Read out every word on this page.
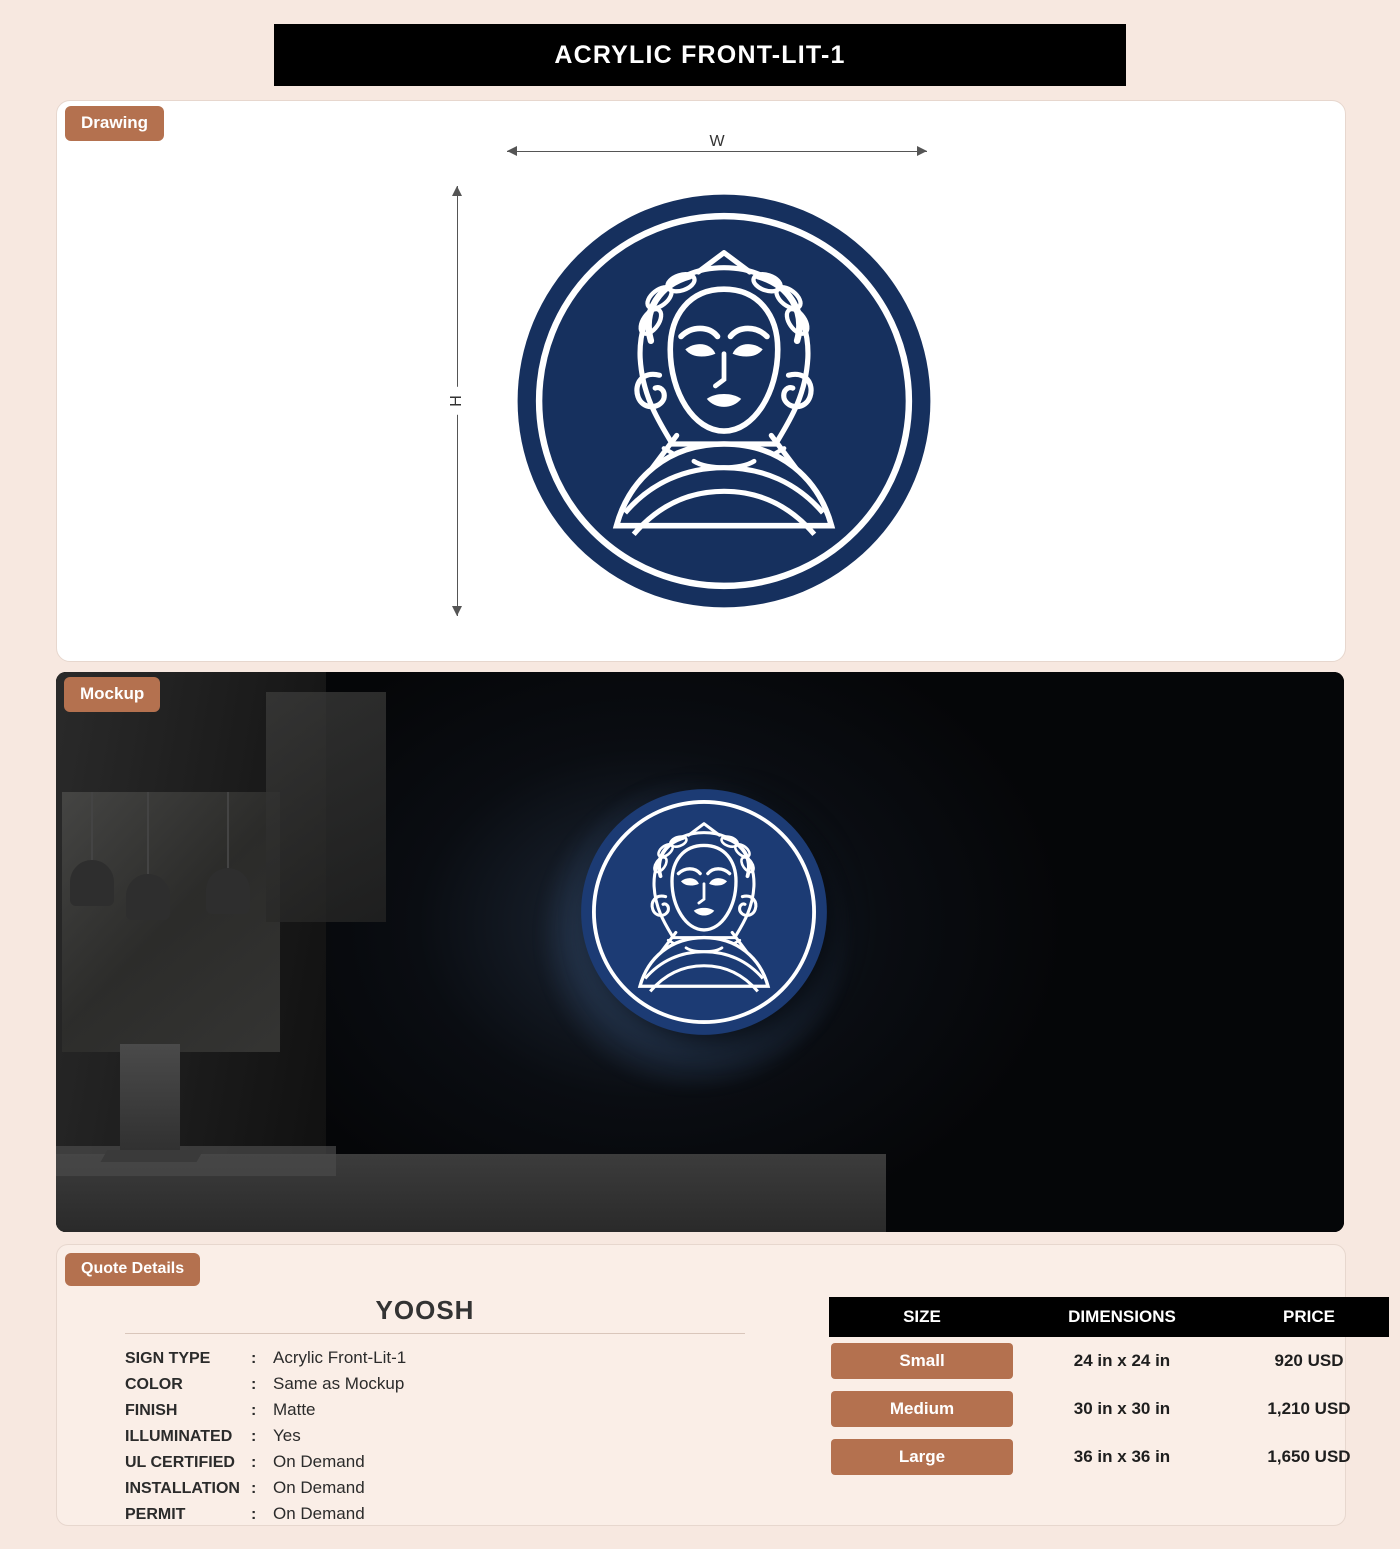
ACRYLIC FRONT-LIT-1
Drawing
W
H
Mockup
Quote Details
YOOSH
SIGN TYPE	: Acrylic Front-Lit-1
COLOR	: Same as Mockup
FINISH	: Matte
ILLUMINATED	: Yes
UL CERTIFIED	: On Demand
INSTALLATION : On Demand
PERMIT	: On Demand
SIZE	DIMENSIONS	PRICE
Small	24 in x 24 in	920 USD
Medium	30 in x 30 in	1,210 USD
Large	36 in x 36 in	1,650 USD
